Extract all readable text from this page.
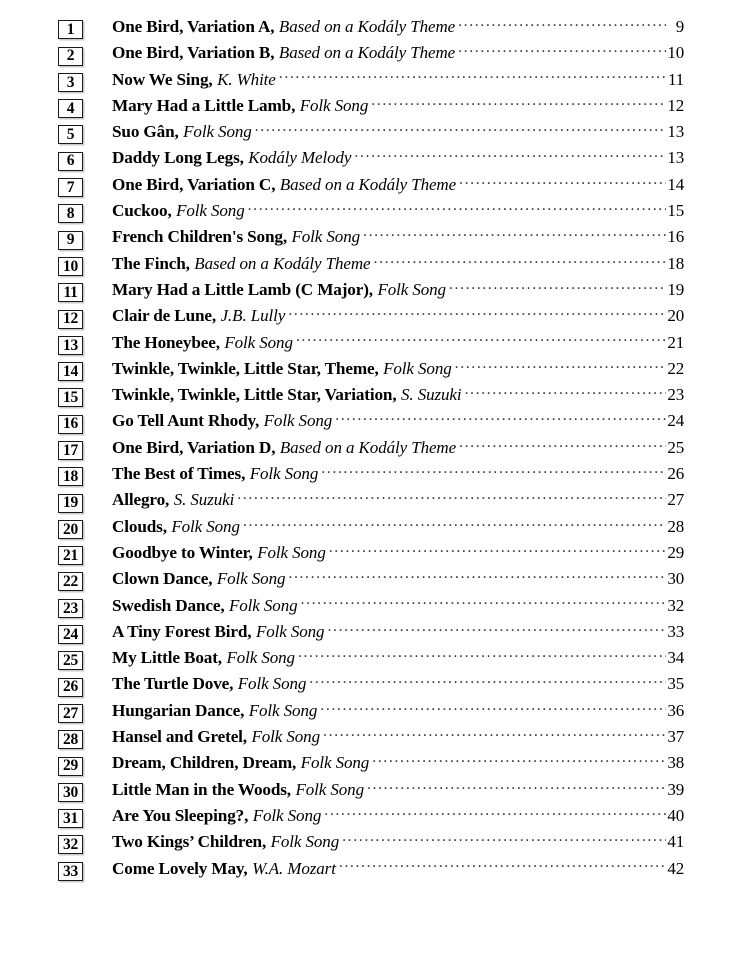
1	One Bird, Variation A, Based on a Kodály Theme .....	9
2	One Bird, Variation B, Based on a Kodály Theme .....	10
3	Now We Sing, K. White .....	11
4	Mary Had a Little Lamb, Folk Song .....	12
5	Suo Gân, Folk Song .....	13
6	Daddy Long Legs, Kodály Melody .....	13
7	One Bird, Variation C, Based on a Kodály Theme .....	14
8	Cuckoo, Folk Song .....	15
9	French Children's Song, Folk Song .....	16
10 The Finch, Based on a Kodály Theme .....	18
11	Mary Had a Little Lamb (C Major), Folk Song .....	19
12 Clair de Lune, J.B. Lully .....	20
13 The Honeybee, Folk Song .....	21
14 Twinkle, Twinkle, Little Star, Theme, Folk Song .....	22
15 Twinkle, Twinkle, Little Star, Variation, S. Suzuki .....	23
16 Go Tell Aunt Rhody, Folk Song .....	24
17 One Bird, Variation D, Based on a Kodály Theme .....	25
18 The Best of Times, Folk Song .....	26
19 Allegro, S. Suzuki .....	27
20 Clouds, Folk Song .....	28
21 Goodbye to Winter, Folk Song .....	29
22 Clown Dance, Folk Song .....	30
23 Swedish Dance, Folk Song .....	32
24 A Tiny Forest Bird, Folk Song .....	33
25 My Little Boat, Folk Song .....	34
26 The Turtle Dove, Folk Song .....	35
27 Hungarian Dance, Folk Song .....	36
28 Hansel and Gretel, Folk Song .....	37
29 Dream, Children, Dream, Folk Song .....	38
30 Little Man in the Woods, Folk Song .....	39
31 Are You Sleeping?, Folk Song .....	40
32 Two Kings’ Children, Folk Song .....	41
33 Come Lovely May, W.A. Mozart .....	42
